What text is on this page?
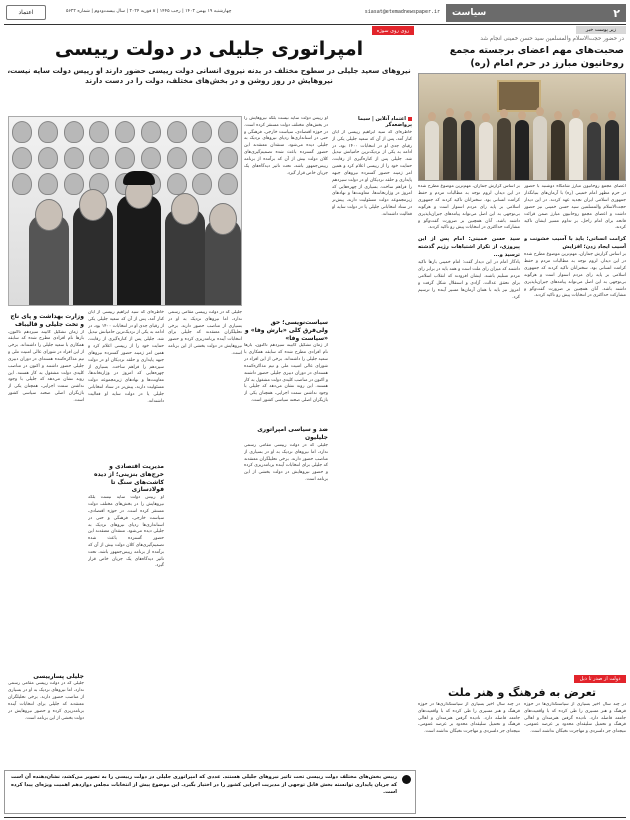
۲
سیاست
siasat@etemadnewspaper.ir
چهارشنبه ۱۹ بهمن ۱۴۰۲ | رجب ۱۴۴۵ | ۸ فوریه ۲۰۲۴ | سال بیست‌ودوم | شماره ۵۶۲۲
اعتماد
زیر پوست خبر
در حضور حجت‌الاسلام والمسلمین سید حسن خمینی انجام شد
صحبت‌های مهم اعضای برجسته مجمع روحانیون مبارز در حرم امام (ره)
اعضای مجمع روحانیون مبارز شامگاه دوشنبه با حضور در حرم مطهر امام خمینی (ره) با آرمان‌های بنیانگذار جمهوری اسلامی ایران تجدید عهد کردند. در این دیدار حجت‌الاسلام والمسلمین سید حسن خمینی نیز حضور داشت و اعضای مجمع روحانیون مبارز ضمن قرائت فاتحه برای امام راحل، بر تداوم مسیر ایشان تاکید کردند.
کرامت انسانی؛ باید با آسیب خشونت و آسیب ایجاد زدن؛ افزایش
بر اساس گزارش جماران، مهم‌ترین موضوع مطرح شده در این دیدار، لزوم توجه به مطالبات مردم و حفظ کرامت انسانی بود. سخنرانان تاکید کردند که جمهوری اسلامی بر پایه رای مردم استوار است و هرگونه بی‌توجهی به این اصل می‌تواند پیامدهای جبران‌ناپذیری داشته باشد. آنان همچنین بر ضرورت گفت‌وگو و مشارکت حداکثری در انتخابات پیش رو تاکید کردند.
بر اساس گزارش جماران، مهم‌ترین موضوع مطرح شده در این دیدار، لزوم توجه به مطالبات مردم و حفظ کرامت انسانی بود. سخنرانان تاکید کردند که جمهوری اسلامی بر پایه رای مردم استوار است و هرگونه بی‌توجهی به این اصل می‌تواند پیامدهای جبران‌ناپذیری داشته باشد. آنان همچنین بر ضرورت گفت‌وگو و مشارکت حداکثری در انتخابات پیش رو تاکید کردند.
سید حسن خمینی: امام پس از این پیروزی، از تکرار اشتباهات رژیم گذشته ترسید و...
یادگار امام در این دیدار گفت: امام خمینی بارها تاکید داشتند که میزان رای ملت است و همه باید در برابر رای مردم تسلیم باشند. ایشان افزودند که انقلاب اسلامی برای تحقق عدالت، آزادی و استقلال شکل گرفت و امروز نیز باید با همان آرمان‌ها مسیر آینده را ترسیم کرد.
دولت از صدر تا ذیل
تعرض به فرهنگ و هنر ملت
در چند سال اخیر بسیاری از سیاستگذاری‌ها در حوزه فرهنگ و هنر مسیری را طی کرده که با واقعیت‌های جامعه فاصله دارد. نادیده گرفتن هنرمندان و اهالی فرهنگ و تحمیل سلیقه‌ای محدود بر عرصه عمومی، نتیجه‌ای جز دلسردی و مهاجرت نخبگان نداشته است.
در چند سال اخیر بسیاری از سیاستگذاری‌ها در حوزه فرهنگ و هنر مسیری را طی کرده که با واقعیت‌های جامعه فاصله دارد. نادیده گرفتن هنرمندان و اهالی فرهنگ و تحمیل سلیقه‌ای محدود بر عرصه عمومی، نتیجه‌ای جز دلسردی و مهاجرت نخبگان نداشته است.
روی روی سوژه
امپراتوری جلیلی در دولت رییسی
نیروهای سعید جلیلی در سطوح مختلف در بدنه نیروی انسانی دولت رییسی حضور دارند او رییس دولت سایه نیست، نیروهایش در روز روشن و در بخش‌های مختلف، دولت را در دست دارند
اعتماد آنلاین | سیما پرواضعه‌گر
خاطره‌ای که سید ابراهیم رییسی از آبان کنار آمد، پس از آن که سعید جلیلی یکی از رقبای جدی او در انتخابات ۱۴۰۰ بود، در ادامه به یکی از نزدیک‌ترین حامیانش تبدیل شد. جلیلی پس از کناره‌گیری از رقابت، حمایت خود را از رییسی اعلام کرد و همین امر زمینه حضور گسترده نیروهای جبهه پایداری و حلقه نزدیکان او در دولت سیزدهم را فراهم ساخت. بسیاری از چهره‌هایی که امروز در وزارتخانه‌ها، معاونت‌ها و نهادهای زیرمجموعه دولت مسئولیت دارند، پیش‌تر در ستاد انتخاباتی جلیلی یا در دولت سایه او فعالیت داشته‌اند.
او رییس دولت سایه نیست بلکه نیروهایش را در بخش‌های مختلف دولت مستقر کرده است. در حوزه اقتصادی، سیاست خارجی، فرهنگی و حتی در استانداری‌ها ردپای نیروهای نزدیک به جلیلی دیده می‌شود. منتقدان معتقدند این حضور گسترده باعث شده تصمیم‌گیری‌های کلان دولت بیش از آن که برآمده از برنامه رییس‌جمهور باشد، تحت تاثیر دیدگاه‌های یک جریان خاص قرار گیرد.
سیاست‌نویسی؛ حق ولی‌فرق کلی «بارش وفا» و «سیاست وفا»
از زمان تشکیل کابینه سیزدهم تاکنون، بارها نام افرادی مطرح شده که سابقه همکاری با سعید جلیلی را داشته‌اند. برخی از این افراد در شورای عالی امنیت ملی و تیم مذاکره‌کننده هسته‌ای در دوران دبیری جلیلی حضور داشتند و اکنون در مناصب کلیدی دولت مشغول به کار هستند. این روند نشان می‌دهد که جلیلی با وجود نداشتن سمت اجرایی، همچنان یکی از بازیگران اصلی صحنه سیاسی کشور است.
ضد و سیاسی امپراتوری جلیلیون
جلیلی که در دولت رییسی مقامی رسمی ندارد، اما نیروهای نزدیک به او در بسیاری از مناصب حضور دارند. برخی تحلیلگران معتقدند که جلیلی برای انتخابات آینده برنامه‌ریزی کرده و حضور نیروهایش در دولت بخشی از این برنامه است.
وزارت بهداشت و پای ناج و تخت جلیلی و قالیباف
از زمان تشکیل کابینه سیزدهم تاکنون، بارها نام افرادی مطرح شده که سابقه همکاری با سعید جلیلی را داشته‌اند. برخی از این افراد در شورای عالی امنیت ملی و تیم مذاکره‌کننده هسته‌ای در دوران دبیری جلیلی حضور داشتند و اکنون در مناصب کلیدی دولت مشغول به کار هستند. این روند نشان می‌دهد که جلیلی با وجود نداشتن سمت اجرایی، همچنان یکی از بازیگران اصلی صحنه سیاسی کشور است.
جلیلی پسارییسی
جلیلی که در دولت رییسی مقامی رسمی ندارد، اما نیروهای نزدیک به او در بسیاری از مناصب حضور دارند. برخی تحلیلگران معتقدند که جلیلی برای انتخابات آینده برنامه‌ریزی کرده و حضور نیروهایش در دولت بخشی از این برنامه است.
خاطره‌ای که سید ابراهیم رییسی از آبان کنار آمد، پس از آن که سعید جلیلی یکی از رقبای جدی او در انتخابات ۱۴۰۰ بود، در ادامه به یکی از نزدیک‌ترین حامیانش تبدیل شد. جلیلی پس از کناره‌گیری از رقابت، حمایت خود را از رییسی اعلام کرد و همین امر زمینه حضور گسترده نیروهای جبهه پایداری و حلقه نزدیکان او در دولت سیزدهم را فراهم ساخت. بسیاری از چهره‌هایی که امروز در وزارتخانه‌ها، معاونت‌ها و نهادهای زیرمجموعه دولت مسئولیت دارند، پیش‌تر در ستاد انتخاباتی جلیلی یا در دولت سایه او فعالیت داشته‌اند.
مدیریت اقتصادی و خرج‌های بنزینی؛ از دیده کاشت‌های سنگ تا فولادسازی
او رییس دولت سایه نیست بلکه نیروهایش را در بخش‌های مختلف دولت مستقر کرده است. در حوزه اقتصادی، سیاست خارجی، فرهنگی و حتی در استانداری‌ها ردپای نیروهای نزدیک به جلیلی دیده می‌شود. منتقدان معتقدند این حضور گسترده باعث شده تصمیم‌گیری‌های کلان دولت بیش از آن که برآمده از برنامه رییس‌جمهور باشد، تحت تاثیر دیدگاه‌های یک جریان خاص قرار گیرد.
جلیلی که در دولت رییسی مقامی رسمی ندارد، اما نیروهای نزدیک به او در بسیاری از مناصب حضور دارند. برخی تحلیلگران معتقدند که جلیلی برای انتخابات آینده برنامه‌ریزی کرده و حضور نیروهایش در دولت بخشی از این برنامه است.
رییس بخش‌های مختلف دولت رییسی تحت تاثیر نیروهای جلیلی هستند. عددی که امپراتوری جلیلی در دولت رییسی را به تصویر می‌کشد، نشان‌دهنده آن است که جریان پایداری توانسته بخش قابل توجهی از مدیریت اجرایی کشور را در اختیار بگیرد. این موضوع پیش از انتخابات مجلس دوازدهم اهمیت ویژه‌ای پیدا کرده است.
